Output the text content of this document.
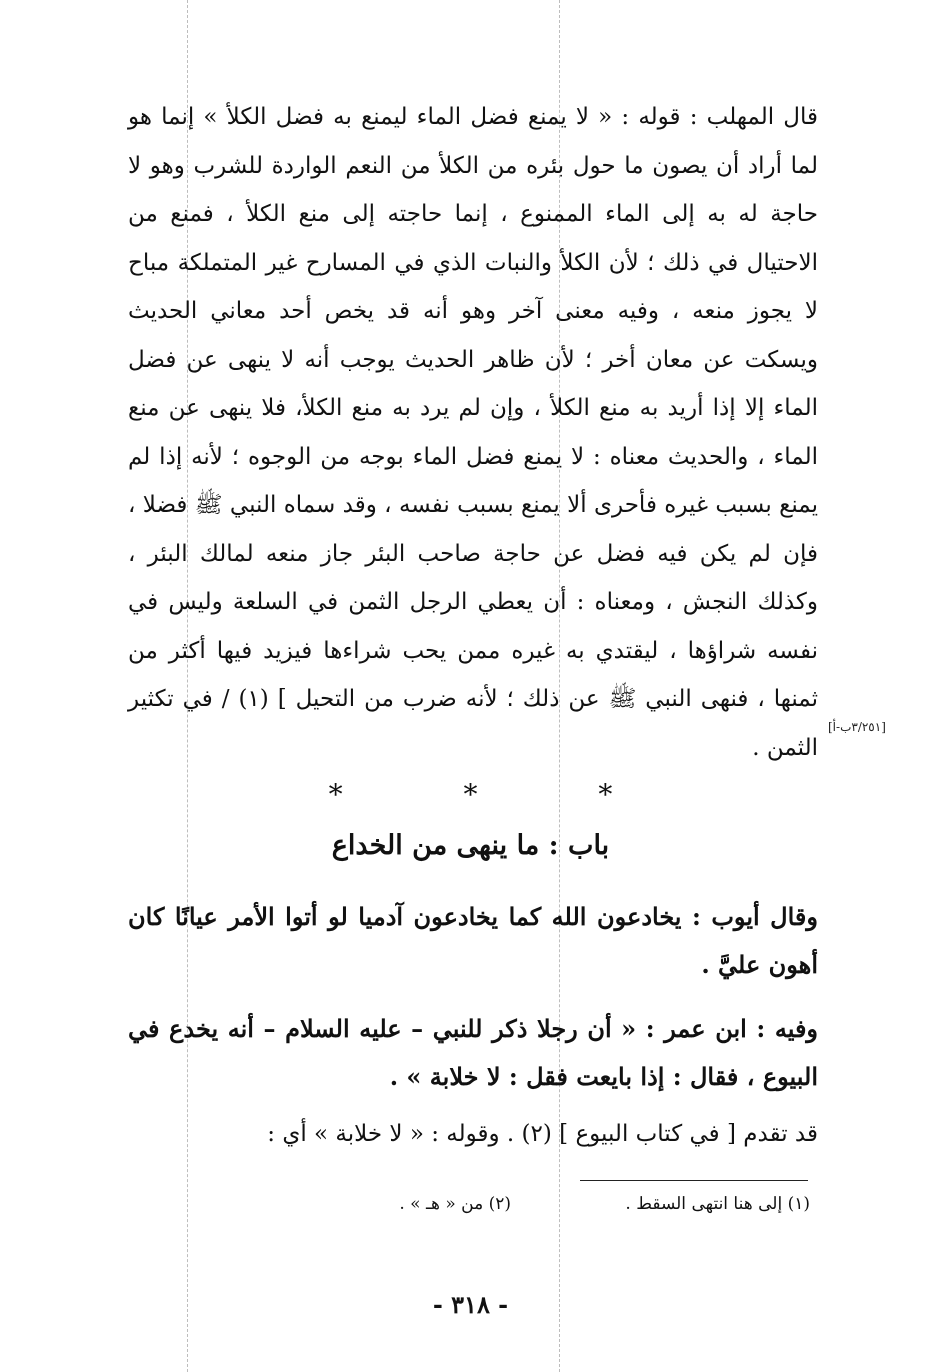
قال المهلب : قوله : « لا يمنع فضل الماء ليمنع به فضل الكلأ » إنما هو لما أراد أن يصون ما حول بئره من الكلأ من النعم الواردة للشرب وهو لا حاجة له به إلى الماء الممنوع ، إنما حاجته إلى منع الكلأ ، فمنع من الاحتيال في ذلك ؛ لأن الكلأ والنبات الذي في المسارح غير المتملكة مباح لا يجوز منعه ، وفيه معنى آخر وهو أنه قد يخص أحد معاني الحديث ويسكت عن معان أخر ؛ لأن ظاهر الحديث يوجب أنه لا ينهى عن فضل الماء إلا إذا أريد به منع الكلأ ، وإن لم يرد به منع الكلأ، فلا ينهى عن منع الماء ، والحديث معناه : لا يمنع فضل الماء بوجه من الوجوه ؛ لأنه إذا لم يمنع بسبب غيره فأحرى ألا يمنع بسبب نفسه ، وقد سماه النبي ﷺ فضلا ، فإن لم يكن فيه فضل عن حاجة صاحب البئر جاز منعه لمالك البئر ، وكذلك النجش ، ومعناه : أن يعطي الرجل الثمن في السلعة وليس في نفسه شراؤها ، ليقتدي به غيره ممن يحب شراءها فيزيد فيها أكثر من ثمنها ، فنهى النبي ﷺ عن ذلك ؛ لأنه ضرب من التحيل ] (١) / في تكثير الثمن .

[٣/٢٥١ب-أ]
* * *
باب : ما ينهى من الخداع
وقال أيوب : يخادعون الله كما يخادعون آدميا لو أتوا الأمر عيانًا كان أهون عليَّ .
وفيه : ابن عمر : « أن رجلا ذكر للنبي – عليه السلام – أنه يخدع في البيوع ، فقال : إذا بايعت فقل : لا خلابة » .
قد تقدم [ في كتاب البيوع ] (٢) . وقوله : « لا خلابة » أي :
(١) إلى هنا انتهى السقط .
(٢) من « هـ » .
- ٣١٨ -
